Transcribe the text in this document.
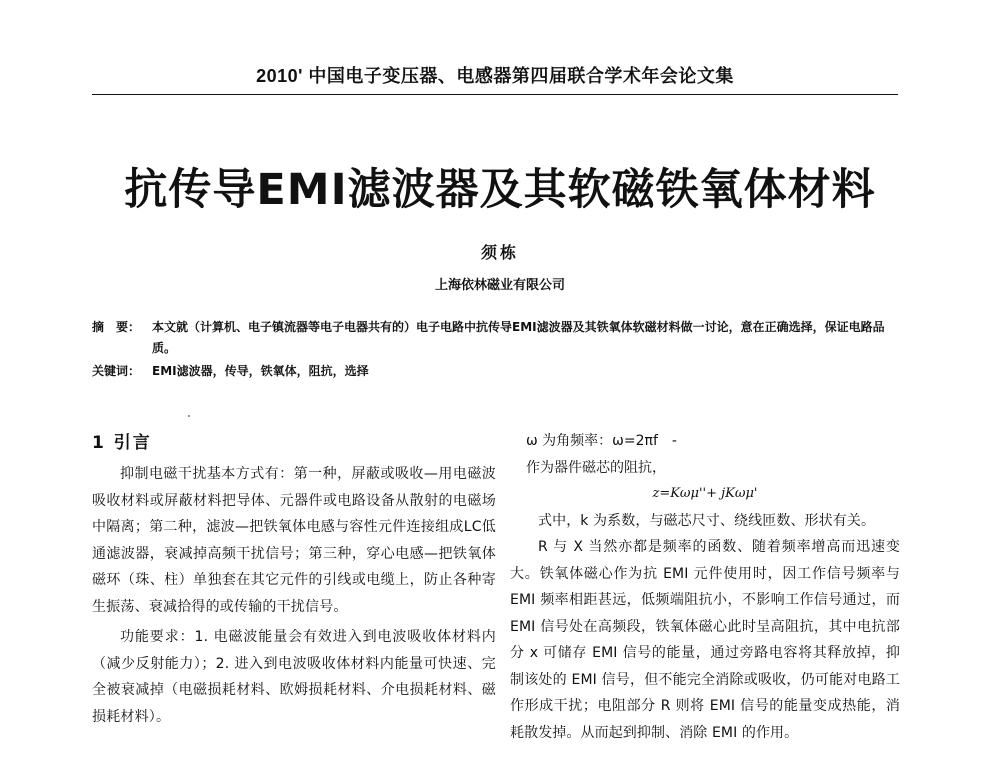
2010' 中国电子变压器、电感器第四届联合学术年会论文集
抗传导EMI滤波器及其软磁铁氧体材料
须栋
上海依林磁业有限公司
摘　要： 本文就（计算机、电子镇流器等电子电器共有的）电子电路中抗传导EMI滤波器及其铁氧体软磁材料做一讨论，意在正确选择，保证电路品质。
关键词： EMI滤波器，传导，铁氧体，阻抗，选择
1 引言

抑制电磁干扰基本方式有：第一种，屏蔽或吸收—用电磁波吸收材料或屏蔽材料把导体、元器件或电路设备从散射的电磁场中隔离；第二种，滤波—把铁氧体电感与容性元件连接组成LC低通滤波器，衰减掉高频干扰信号；第三种，穿心电感—把铁氧体磁环（珠、柱）单独套在其它元件的引线或电缆上，防止各种寄生振荡、衰减拾得的或传输的干扰信号。

功能要求：1. 电磁波能量会有效进入到电波吸收体材料内（减少反射能力）；2. 进入到电波吸收体材料内能量可快速、完全被衰减掉（电磁损耗材料、欧姆损耗材料、介电损耗材料、磁损耗材料）。

ω 为角频率：ω=2πf　-
作为器件磁芯的阻抗，
z=Kωμ''+ jKωμ'

式中，k 为系数，与磁芯尺寸、绕线匝数、形状有关。

R 与 X 当然亦都是频率的函数、随着频率增高而迅速变大。铁氧体磁心作为抗 EMI 元件使用时，因工作信号频率与 EMI 频率相距甚远，低频端阻抗小，不影响工作信号通过，而 EMI 信号处在高频段，铁氧体磁心此时呈高阻抗，其中电抗部分 x 可储存 EMI 信号的能量，通过旁路电容将其释放掉，抑制该处的 EMI 信号，但不能完全消除或吸收，仍可能对电路工作形成干扰；电阻部分 R 则将 EMI 信号的能量变成热能，消耗散发掉。从而起到抑制、消除 EMI 的作用。
